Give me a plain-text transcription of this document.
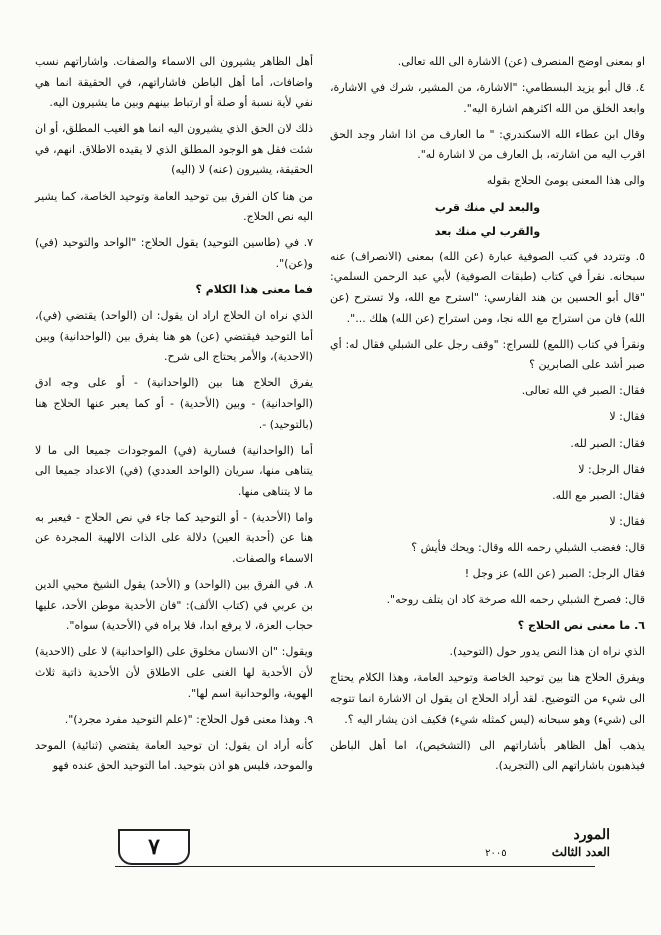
او بمعنى اوضح المنصرف (عن) الاشارة الى الله تعالى.

٤. قال أبو يزيد البسطامي: "الاشارة، من المشير، شرك في الاشارة، وابعد الخلق من الله اكثرهم اشارة اليه".

وقال ابن عطاء الله الاسكندري: " ما العارف من اذا اشار وجد الحق اقرب اليه من اشارته، بل العارف من لا اشارة له".

والى هذا المعنى يومئ الحلاج بقوله

والبعد لي منك قرب

والقرب لي منك بعد

٥. وتتردد في كتب الصوفية عبارة (عن الله) بمعنى (الانصراف) عنه سبحانه. نقرأ في كتاب (طبقات الصوفية) لأبي عبد الرحمن السلمي: "قال أبو الحسين بن هند الفارسي: "استرح مع الله، ولا تسترح (عن الله) فان من استراح مع الله نجا، ومن استراح (عن الله) هلك ...".

ونقرأ في كتاب (اللمع) للسراج: "وقف رجل على الشبلي فقال له: أي صبر أشد على الصابرين ؟

فقال: الصبر في الله تعالى.

فقال: لا

فقال: الصبر لله.

فقال الرجل: لا

فقال: الصبر مع الله.

فقال: لا

قال: فغضب الشبلي رحمه الله وقال: ويحك فأيش ؟

فقال الرجل: الصبر (عن الله) عز وجل !

قال: فصرخ الشبلي رحمه الله صرخة كاد ان يتلف روحه".

٦. ما معنى نص الحلاج ؟

الذي نراه ان هذا النص يدور حول (التوحيد).

ويفرق الحلاج هنا بين توحيد الخاصة وتوحيد العامة، وهذا الكلام يحتاج الى شيء من التوضيح. لقد أراد الحلاج ان يقول ان الاشارة انما تتوجه الى (شيء) وهو سبحانه (ليس كمثله شيء) فكيف اذن يشار اليه ؟.

يذهب أهل الظاهر بأشاراتهم الى (التشخيص)، اما أهل الباطن فيذهبون باشاراتهم الى (التجريد).

أهل الظاهر يشيرون الى الاسماء والصفات. واشاراتهم نسب واضافات، أما أهل الباطن فاشاراتهم، في الحقيقة انما هي نفي لأية نسبة أو صلة أو ارتباط بينهم وبين ما يشيرون اليه.

ذلك لان الحق الذي يشيرون اليه انما هو الغيب المطلق، أو ان شئت فقل هو الوجود المطلق الذي لا يقيده الاطلاق. انهم، في الحقيقة، يشيرون (عنه) لا (اليه)

من هنا كان الفرق بين توحيد العامة وتوحيد الخاصة، كما يشير اليه نص الحلاج.

٧. في (طاسين التوحيد) يقول الحلاج: "الواحد والتوحيد (في) و(عن)".

فما معنى هذا الكلام ؟

الذي نراه ان الحلاج اراد ان يقول: ان (الواحد) يقتضي (في)، أما التوحيد فيقتضي (عن) هو هنا يفرق بين (الواحدانية) وبين (الاحدية)، والأمر يحتاج الى شرح.

يفرق الحلاج هنا بين (الواحدانية) - أو على وجه ادق (الواحدانية) - وبين (الأحدية) - أو كما يعبر عنها الحلاج هنا (بالتوحيد) -.

أما (الواحدانية) فسارية (في) الموجودات جميعا الى ما لا يتناهى منها، سريان (الواحد العددي) (في) الاعداد جميعا الى ما لا يتناهى منها.

واما (الأحدية) - أو التوحيد كما جاء في نص الحلاج - فيعبر به هنا عن (أحدية العين) دلالة على الذات الالهية المجردة عن الاسماء والصفات.

٨. في الفرق بين (الواحد) و (الأحد) يقول الشيخ محيي الدين بن عربي في (كتاب الألف): "فان الأحدية موطن الأحد، عليها حجاب العزة، لا يرفع ابدا، فلا يراه في (الأحدية) سواه".

ويقول: "ان الانسان مخلوق على (الواحدانية) لا على (الاحدية) لأن الأحدية لها الغنى على الاطلاق لأن الأحدية ذاتية ثلاث الهوية، والوحدانية اسم لها".

٩. وهذا معنى قول الحلاج: "(علم التوحيد مفرد مجرد)".

كأنه أراد ان يقول: ان توحيد العامة يقتضي (ثنائية) الموحد والموحد، فليس هو اذن بتوحيد. اما التوحيد الحق عنده فهو

٧	المورد
العدد الثالث ٢٠٠٥
